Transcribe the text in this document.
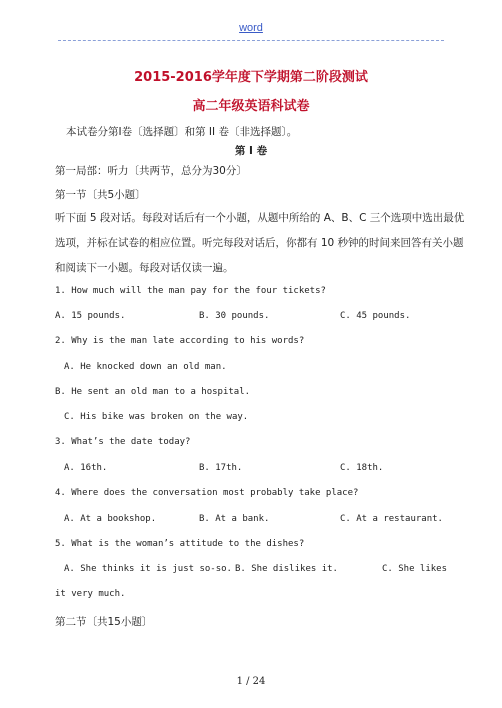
word
2015-2016学年度下学期第二阶段测试
高二年级英语科试卷
本试卷分第Ⅰ卷〔选择题〕和第 II 卷〔非选择题〕。
第 Ⅰ 卷
第一局部：听力〔共两节，总分为30分〕
第一节〔共5小题〕
听下面 5 段对话。每段对话后有一个小题，从题中所给的 A、B、C 三个选项中选出最优
选项，并标在试卷的相应位置。听完每段对话后，你都有 10 秒钟的时间来回答有关小题
和阅读下一小题。每段对话仅读一遍。
1. How much will the man pay for the four tickets?
A. 15 pounds.	B. 30 pounds.	C. 45 pounds.
2. Why is the man late according to his words?
A. He knocked down an old man.
B. He sent an old man to a hospital.
C. His bike was broken on the way.
3. What’s the date today?
A. 16th.	B. 17th.	C. 18th.
4. Where does the conversation most probably take place?
A. At a bookshop.	B. At a bank.	C. At a restaurant.
5. What is the woman’s attitude to the dishes?
A. She thinks it is just so-so. B. She dislikes it.	C. She likes
it very much.
第二节〔共15小题〕
1 / 24
